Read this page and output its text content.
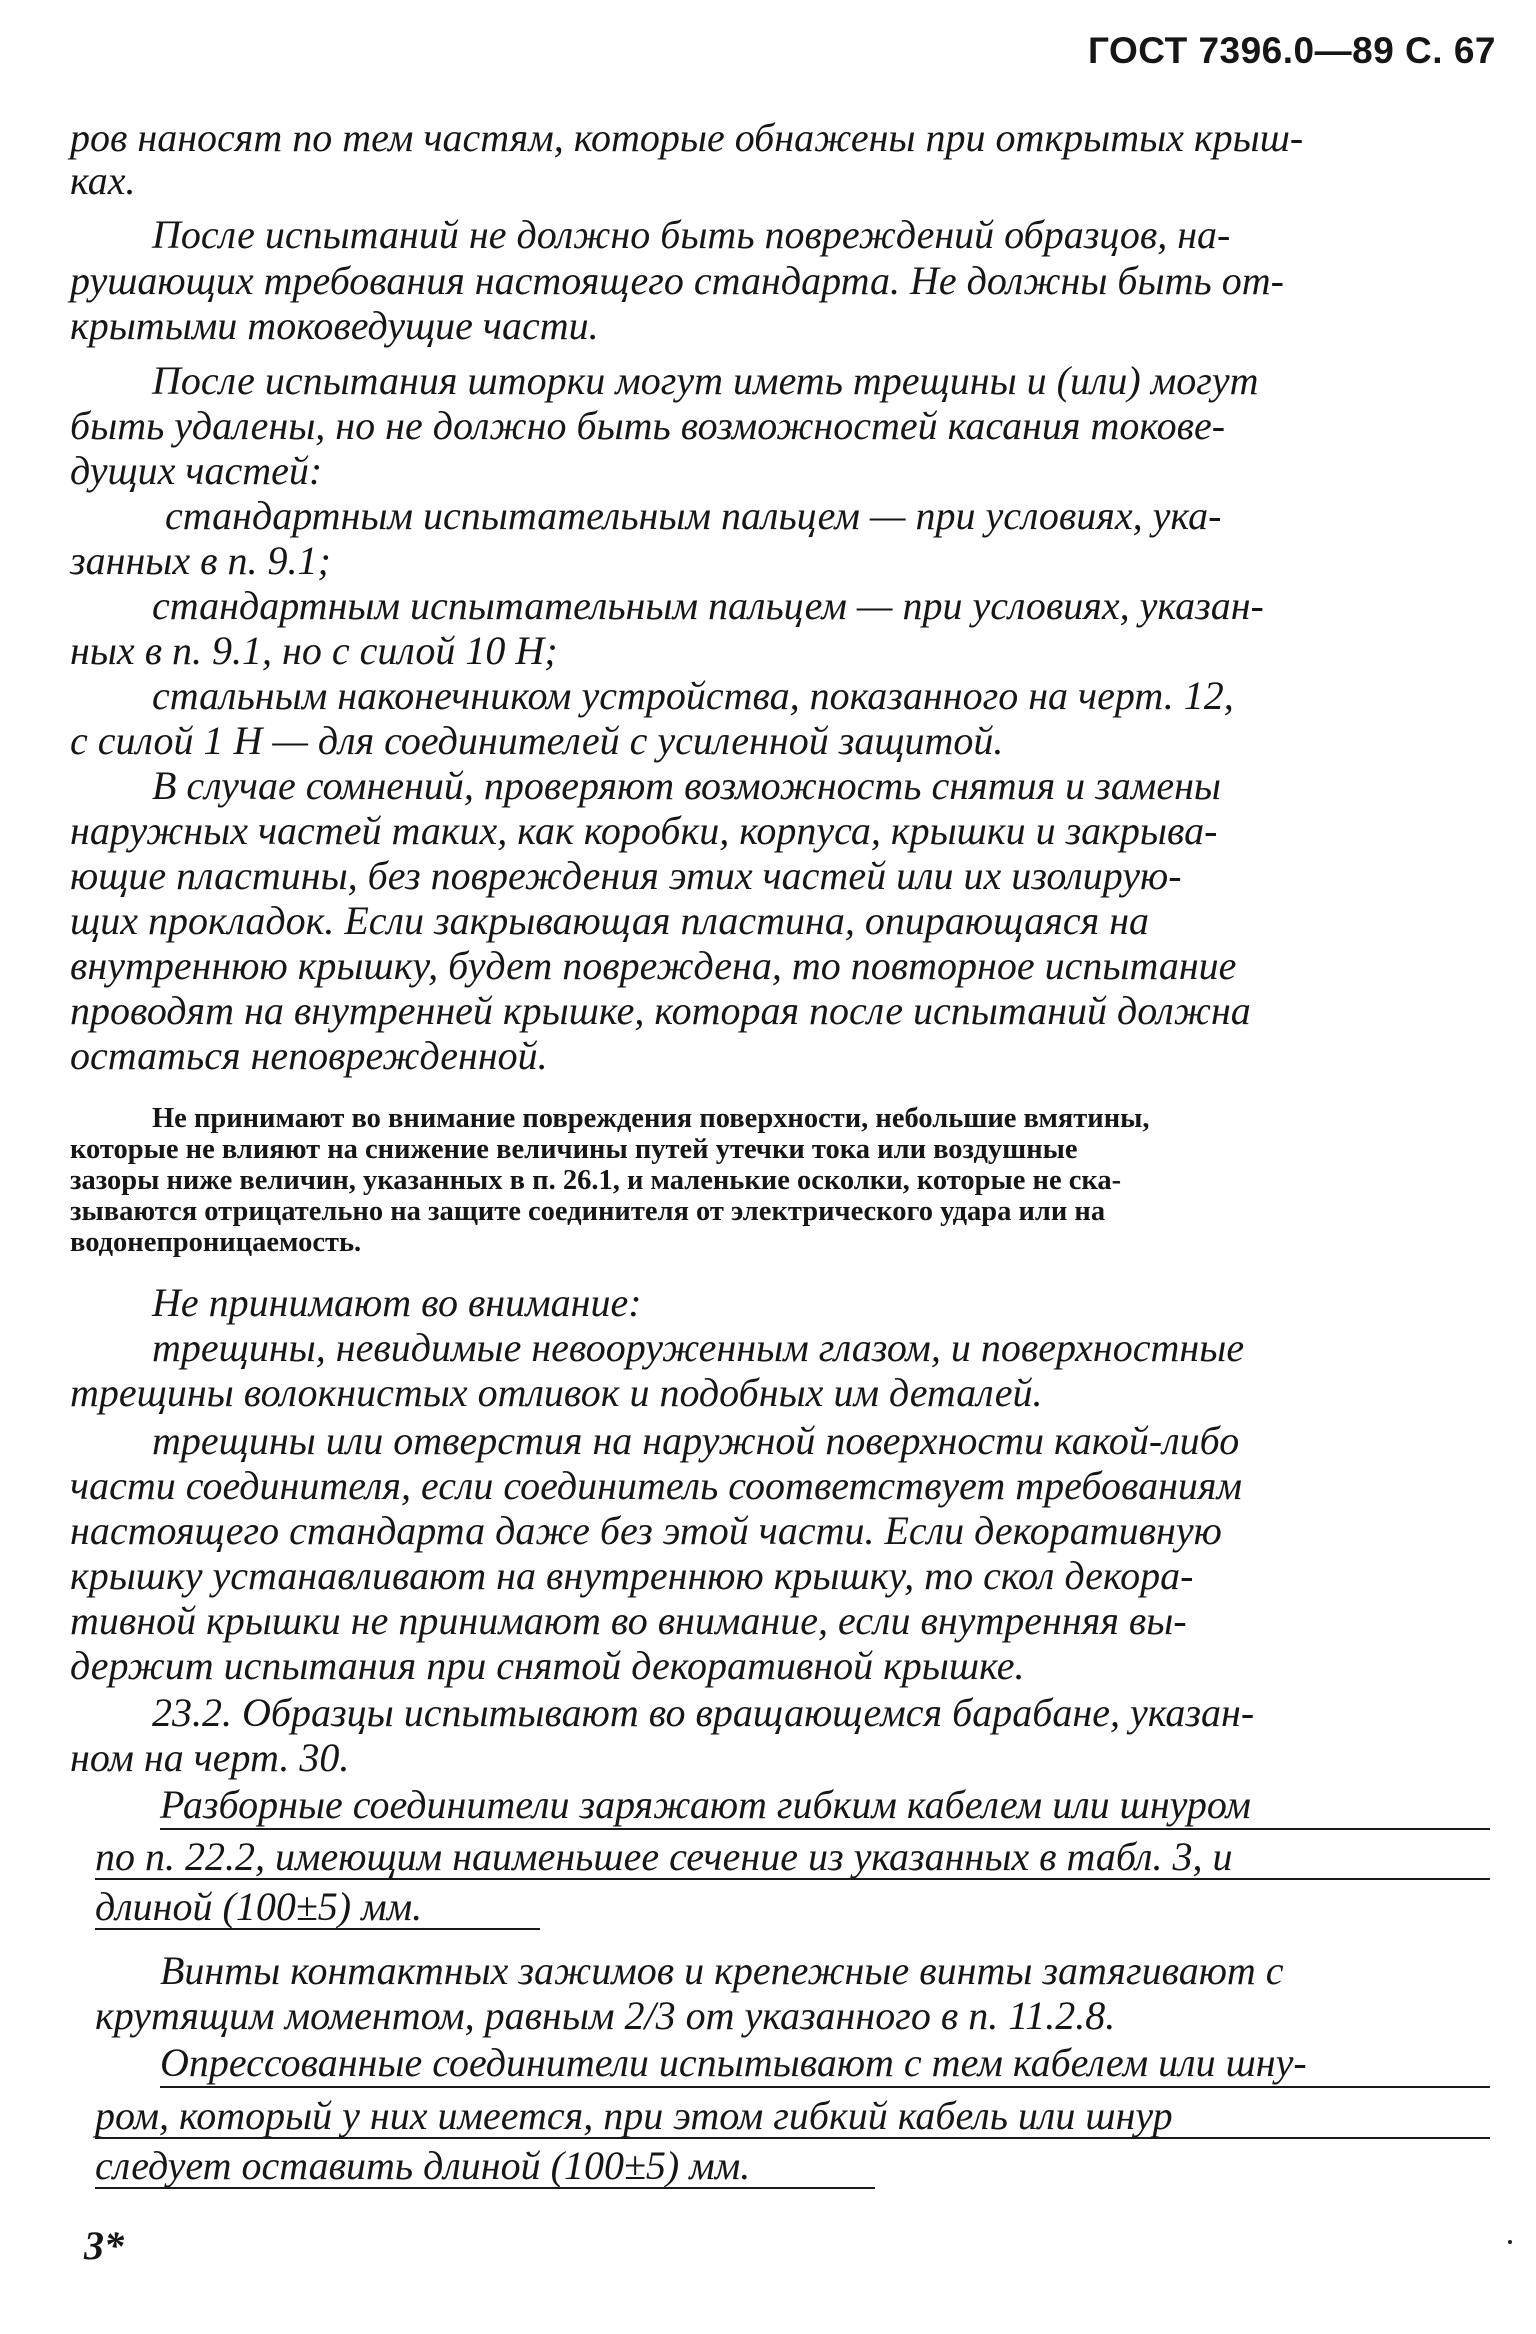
ГОСТ 7396.0—89 С. 67
ров наносят по тем частям, которые обнажены при открытых крыш-
ках.
После испытаний не должно быть повреждений образцов, на-
рушающих требования настоящего стандарта. Не должны быть от-
крытыми токоведущие части.
После испытания шторки могут иметь трещины и (или) могут
быть удалены, но не должно быть возможностей касания токове-
дущих частей:
стандартным испытательным пальцем — при условиях, ука-
занных в п. 9.1;
стандартным испытательным пальцем — при условиях, указан-
ных в п. 9.1, но с силой 10 Н;
стальным наконечником устройства, показанного на черт. 12,
с силой 1 Н — для соединителей с усиленной защитой.
В случае сомнений, проверяют возможность снятия и замены
наружных частей таких, как коробки, корпуса, крышки и закрыва-
ющие пластины, без повреждения этих частей или их изолирую-
щих прокладок. Если закрывающая пластина, опирающаяся на
внутреннюю крышку, будет повреждена, то повторное испытание
проводят на внутренней крышке, которая после испытаний должна
остаться неповрежденной.
Не принимают во внимание повреждения поверхности, небольшие вмятины,
которые не влияют на снижение величины путей утечки тока или воздушные
зазоры ниже величин, указанных в п. 26.1, и маленькие осколки, которые не ска-
зываются отрицательно на защите соединителя от электрического удара или на
водонепроницаемость.
Не принимают во внимание:
трещины, невидимые невооруженным глазом, и поверхностные
трещины волокнистых отливок и подобных им деталей.
трещины или отверстия на наружной поверхности какой-либо
части соединителя, если соединитель соответствует требованиям
настоящего стандарта даже без этой части. Если декоративную
крышку устанавливают на внутреннюю крышку, то скол декора-
тивной крышки не принимают во внимание, если внутренняя вы-
держит испытания при снятой декоративной крышке.
23.2. Образцы испытывают во вращающемся барабане, указан-
ном на черт. 30.
Разборные соединители заряжают гибким кабелем или шнуром
по п. 22.2, имеющим наименьшее сечение из указанных в табл. 3, и
длиной (100±5) мм.
Винты контактных зажимов и крепежные винты затягивают с
крутящим моментом, равным 2/3 от указанного в п. 11.2.8.
Опрессованные соединители испытывают с тем кабелем или шну-
ром, который у них имеется, при этом гибкий кабель или шнур
следует оставить длиной (100±5) мм.
3*
